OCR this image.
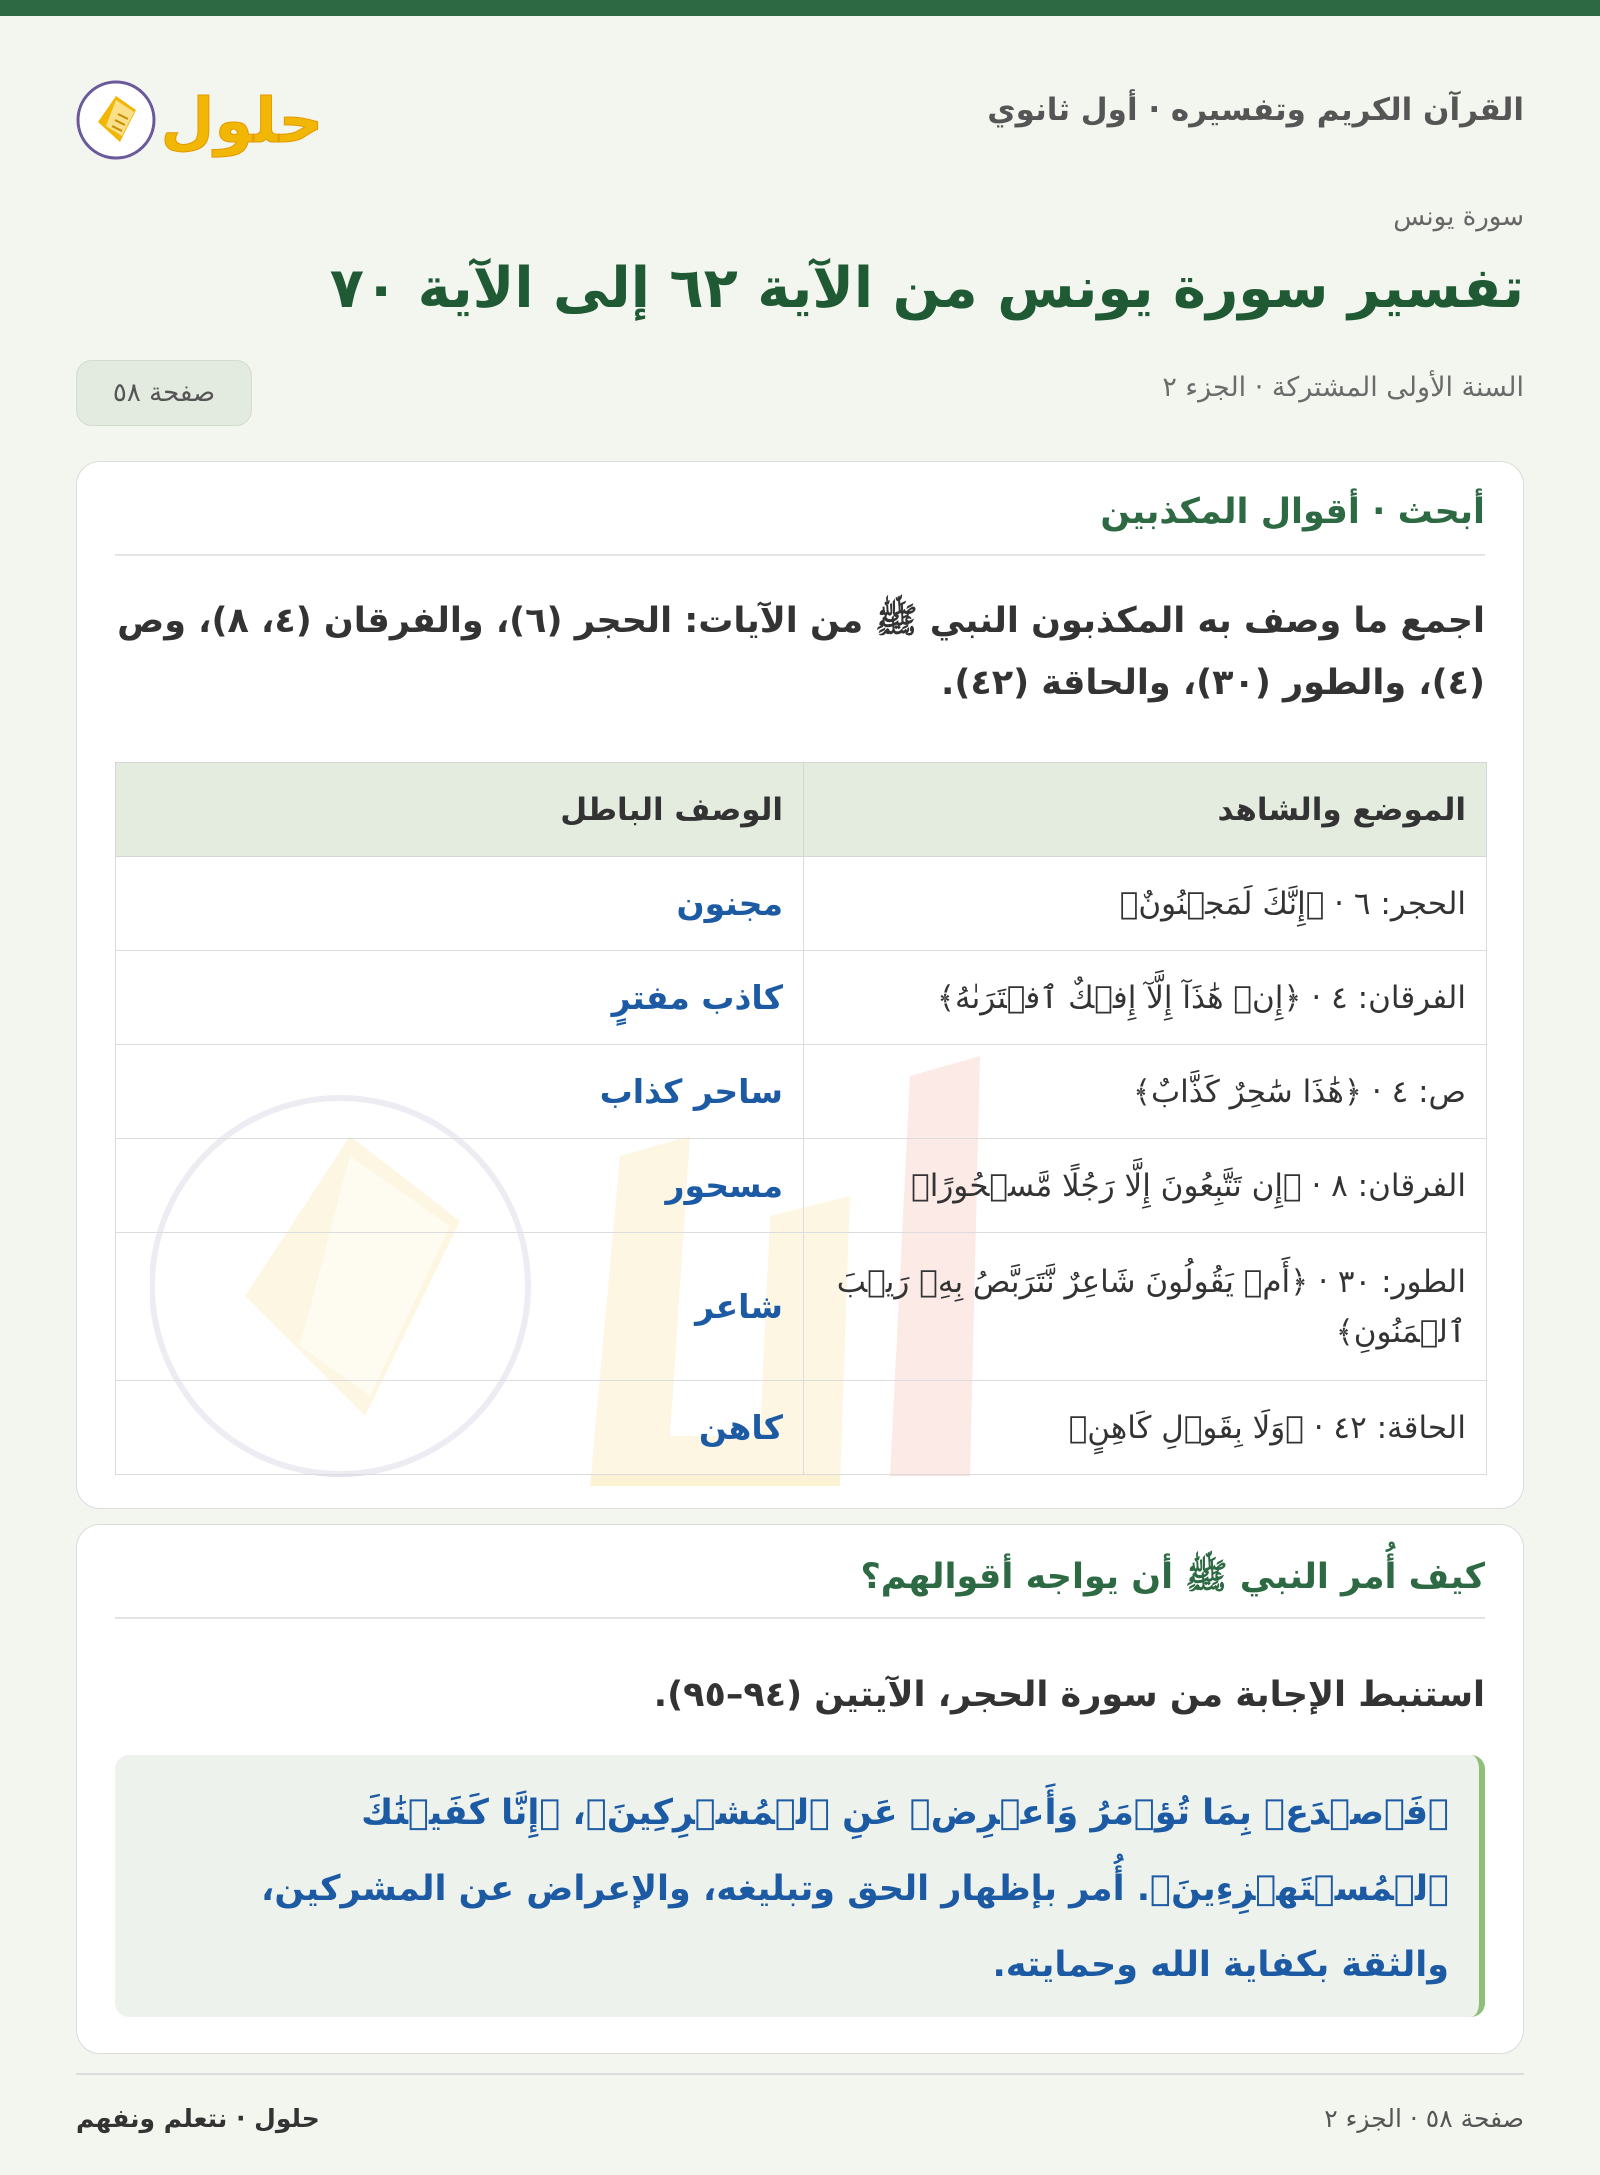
القرآن الكريم وتفسيره · أول ثانوي
حلول
سورة يونس
تفسير سورة يونس من الآية ٦٢ إلى الآية ٧٠
السنة الأولى المشتركة · الجزء ٢
صفحة ٥٨
أبحث · أقوال المكذبين
اجمع ما وصف به المكذبون النبي ﷺ من الآيات: الحجر (٦)، والفرقان (٤، ٨)، وص (٤)، والطور (٣٠)، والحاقة (٤٢).
الموضع والشاهد	الوصف الباطل
الحجر: ٦ · ﴿إِنَّكَ لَمَجۡنُونٌ﴾	مجنون
الفرقان: ٤ · ﴿إِنۡ هَٰذَآ إِلَّآ إِفۡكٌ ٱفۡتَرَىٰهُ﴾	كاذب مفترٍ
ص: ٤ · ﴿هَٰذَا سَٰحِرٌ كَذَّابٌ﴾	ساحر كذاب
الفرقان: ٨ · ﴿إِن تَتَّبِعُونَ إِلَّا رَجُلًا مَّسۡحُورًا﴾	مسحور
الطور: ٣٠ · ﴿أَمۡ يَقُولُونَ شَاعِرٌ نَّتَرَبَّصُ بِهِۦ رَيۡبَ ٱلۡمَنُونِ﴾	شاعر
الحاقة: ٤٢ · ﴿وَلَا بِقَوۡلِ كَاهِنٍ﴾	كاهن
كيف أُمر النبي ﷺ أن يواجه أقوالهم؟
استنبط الإجابة من سورة الحجر، الآيتين (٩٤–٩٥).
﴿فَٱصۡدَعۡ بِمَا تُؤۡمَرُ وَأَعۡرِضۡ عَنِ ٱلۡمُشۡرِكِينَ﴾، ﴿إِنَّا كَفَيۡنَٰكَ ٱلۡمُسۡتَهۡزِءِينَ﴾. أُمر بإظهار الحق وتبليغه، والإعراض عن المشركين، والثقة بكفاية الله وحمايته.
صفحة ٥٨ · الجزء ٢
حلول · نتعلم ونفهم
